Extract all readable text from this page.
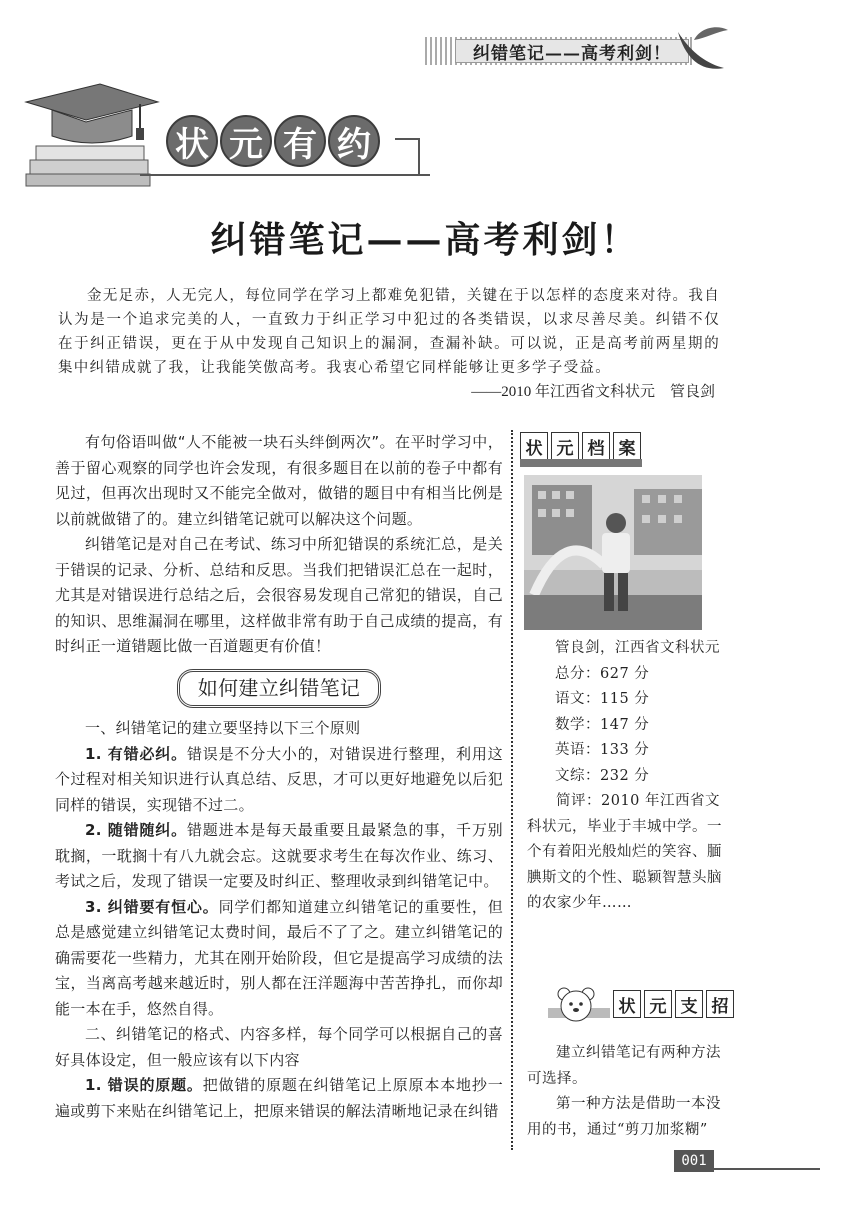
纠错笔记——高考利剑！
状 元 有 约
纠错笔记——高考利剑！
金无足赤，人无完人，每位同学在学习上都难免犯错，关键在于以怎样的态度来对待。我自认为是一个追求完美的人，一直致力于纠正学习中犯过的各类错误，以求尽善尽美。纠错不仅在于纠正错误，更在于从中发现自己知识上的漏洞，查漏补缺。可以说，正是高考前两星期的集中纠错成就了我，让我能笑傲高考。我衷心希望它同样能够让更多学子受益。
——2010 年江西省文科状元　管良剑

有句俗语叫做“人不能被一块石头绊倒两次”。在平时学习中，善于留心观察的同学也许会发现，有很多题目在以前的卷子中都有见过，但再次出现时又不能完全做对，做错的题目中有相当比例是以前就做错了的。建立纠错笔记就可以解决这个问题。

纠错笔记是对自己在考试、练习中所犯错误的系统汇总，是关于错误的记录、分析、总结和反思。当我们把错误汇总在一起时，尤其是对错误进行总结之后，会很容易发现自己常犯的错误，自己的知识、思维漏洞在哪里，这样做非常有助于自己成绩的提高，有时纠正一道错题比做一百道题更有价值！

如何建立纠错笔记

一、纠错笔记的建立要坚持以下三个原则

1. 有错必纠。错误是不分大小的，对错误进行整理，利用这个过程对相关知识进行认真总结、反思，才可以更好地避免以后犯同样的错误，实现错不过二。

2. 随错随纠。错题进本是每天最重要且最紧急的事，千万别耽搁，一耽搁十有八九就会忘。这就要求考生在每次作业、练习、考试之后，发现了错误一定要及时纠正、整理收录到纠错笔记中。

3. 纠错要有恒心。同学们都知道建立纠错笔记的重要性，但总是感觉建立纠错笔记太费时间，最后不了了之。建立纠错笔记的确需要花一些精力，尤其在刚开始阶段，但它是提高学习成绩的法宝，当离高考越来越近时，别人都在汪洋题海中苦苦挣扎，而你却能一本在手，悠然自得。

二、纠错笔记的格式、内容多样，每个同学可以根据自己的喜好具体设定，但一般应该有以下内容

1. 错误的原题。把做错的原题在纠错笔记上原原本本地抄一遍或剪下来贴在纠错笔记上，把原来错误的解法清晰地记录在纠错

状 元 档 案
管良剑，江西省文科状元
总分：627 分
语文：115 分
数学：147 分
英语：133 分
文综：232 分
简评：2010 年江西省文科状元，毕业于丰城中学。一个有着阳光般灿烂的笑容、腼腆斯文的个性、聪颖智慧头脑的农家少年……
状 元 支 招
建立纠错笔记有两种方法可选择。
第一种方法是借助一本没用的书，通过“剪刀加浆糊”
001
